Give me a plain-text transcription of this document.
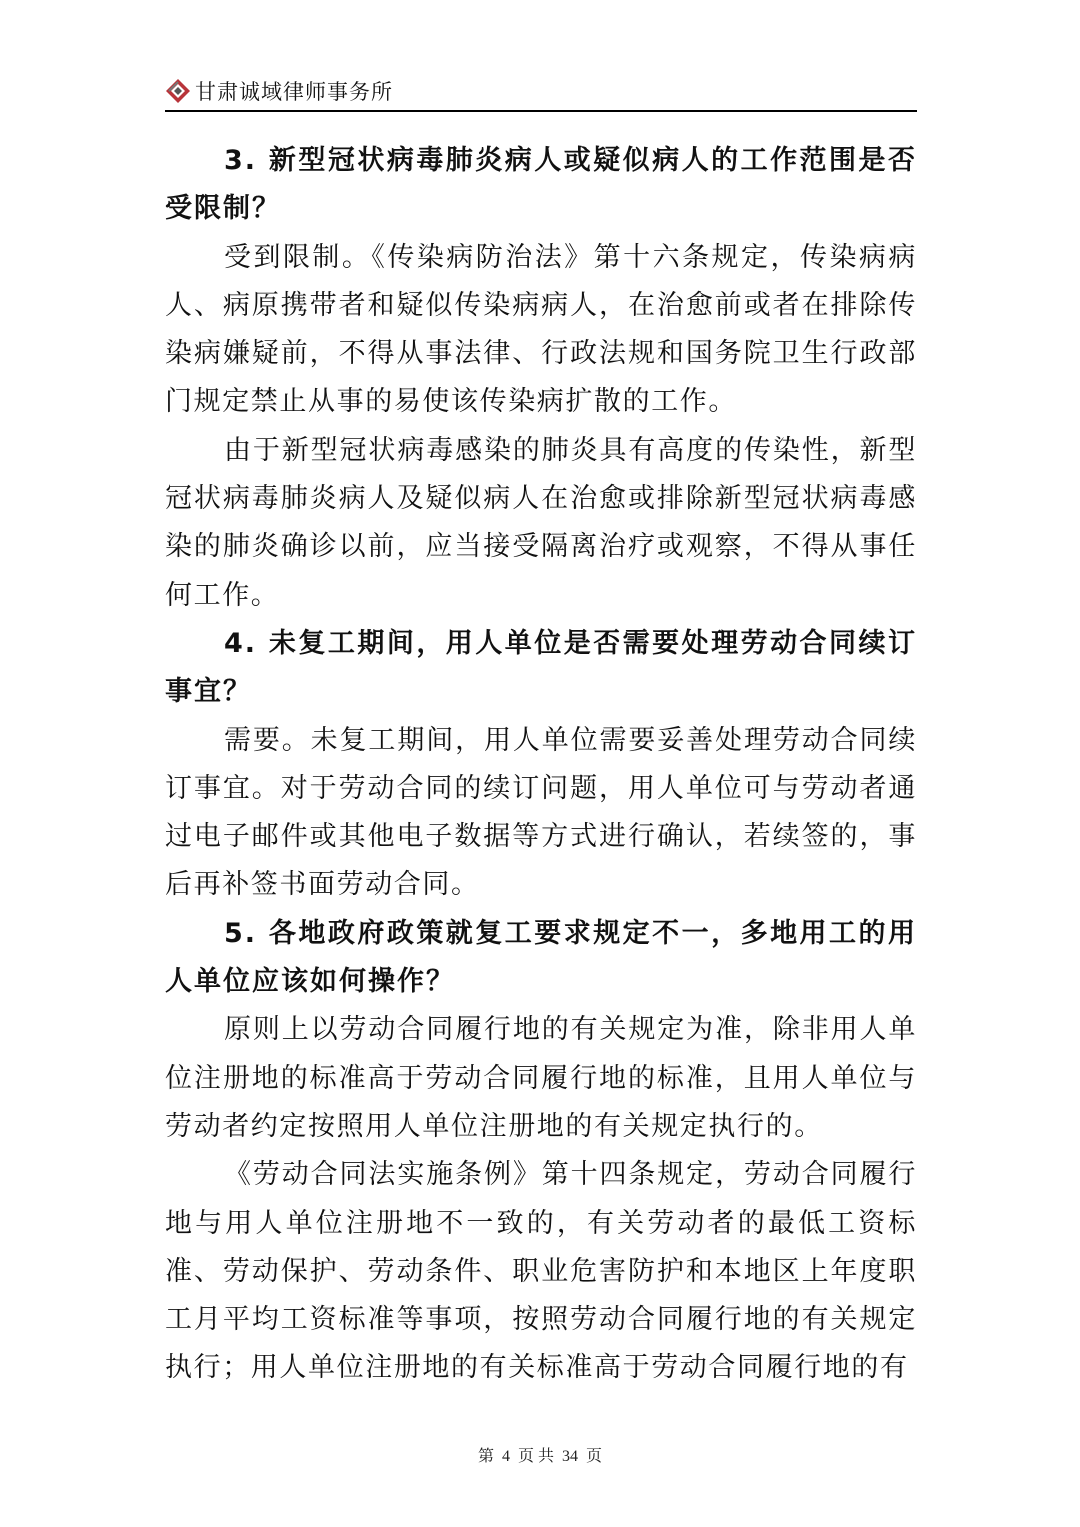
甘肃诚域律师事务所

3. 新型冠状病毒肺炎病人或疑似病人的工作范围是否受限制？

受到限制。《传染病防治法》第十六条规定，传染病病人、病原携带者和疑似传染病病人，在治愈前或者在排除传染病嫌疑前，不得从事法律、行政法规和国务院卫生行政部门规定禁止从事的易使该传染病扩散的工作。

由于新型冠状病毒感染的肺炎具有高度的传染性，新型冠状病毒肺炎病人及疑似病人在治愈或排除新型冠状病毒感染的肺炎确诊以前，应当接受隔离治疗或观察，不得从事任何工作。

4. 未复工期间，用人单位是否需要处理劳动合同续订事宜？

需要。未复工期间，用人单位需要妥善处理劳动合同续订事宜。对于劳动合同的续订问题，用人单位可与劳动者通过电子邮件或其他电子数据等方式进行确认，若续签的，事后再补签书面劳动合同。

5. 各地政府政策就复工要求规定不一，多地用工的用人单位应该如何操作？

原则上以劳动合同履行地的有关规定为准，除非用人单位注册地的标准高于劳动合同履行地的标准，且用人单位与劳动者约定按照用人单位注册地的有关规定执行的。

《劳动合同法实施条例》第十四条规定，劳动合同履行地与用人单位注册地不一致的，有关劳动者的最低工资标准、劳动保护、劳动条件、职业危害防护和本地区上年度职工月平均工资标准等事项，按照劳动合同履行地的有关规定执行；用人单位注册地的有关标准高于劳动合同履行地的有

第 4 页 共 34 页
